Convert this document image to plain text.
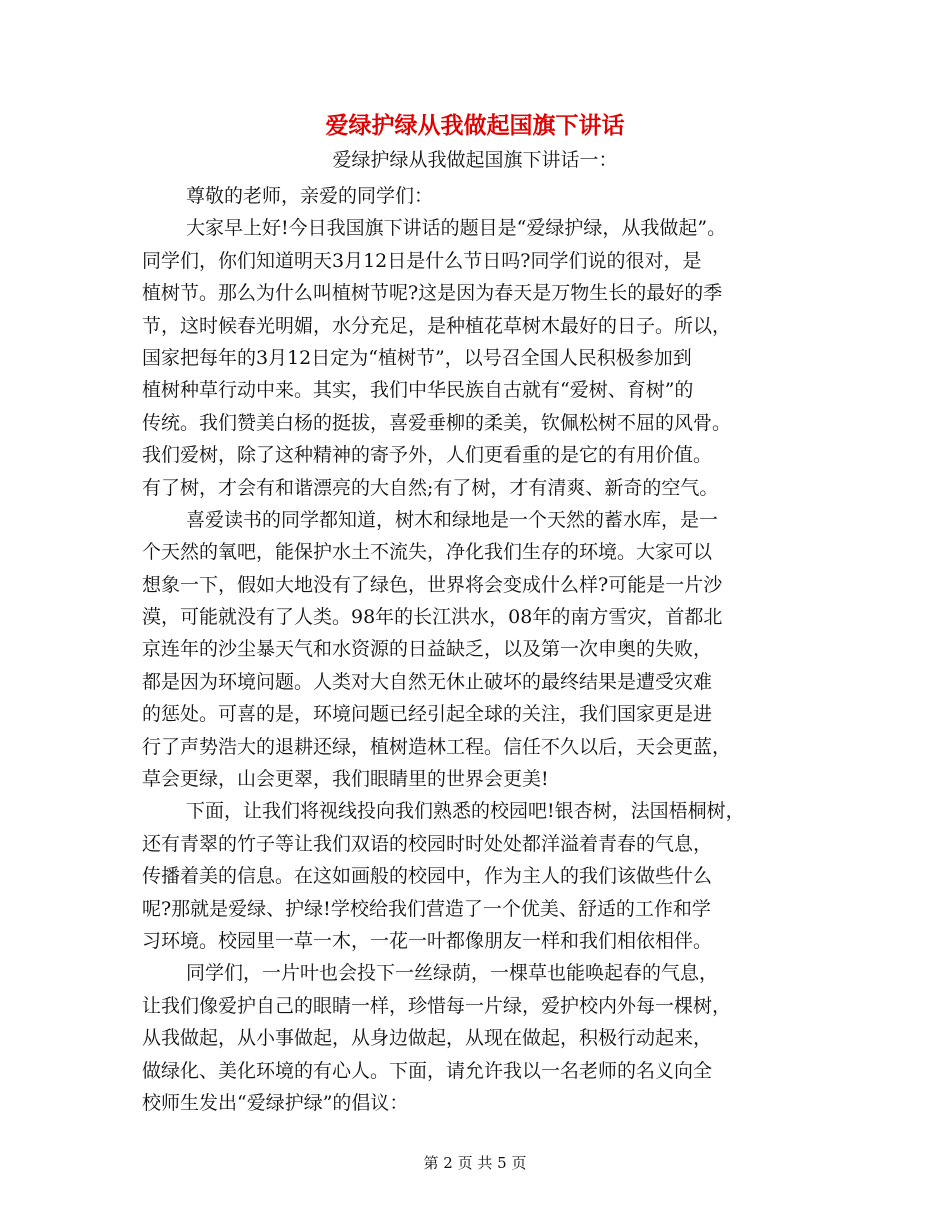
爱绿护绿从我做起国旗下讲话
爱绿护绿从我做起国旗下讲话一：
尊敬的老师，亲爱的同学们：
大家早上好!今日我国旗下讲话的题目是“爱绿护绿，从我做起”。
同学们，你们知道明天3月12日是什么节日吗?同学们说的很对，是
植树节。那么为什么叫植树节呢?这是因为春天是万物生长的最好的季
节，这时候春光明媚，水分充足，是种植花草树木最好的日子。所以，
国家把每年的3月12日定为“植树节”，以号召全国人民积极参加到
植树种草行动中来。其实，我们中华民族自古就有“爱树、育树”的
传统。我们赞美白杨的挺拔，喜爱垂柳的柔美，钦佩松树不屈的风骨。
我们爱树，除了这种精神的寄予外，人们更看重的是它的有用价值。
有了树，才会有和谐漂亮的大自然;有了树，才有清爽、新奇的空气。
喜爱读书的同学都知道，树木和绿地是一个天然的蓄水库，是一
个天然的氧吧，能保护水土不流失，净化我们生存的环境。大家可以
想象一下，假如大地没有了绿色，世界将会变成什么样?可能是一片沙
漠，可能就没有了人类。98年的长江洪水，08年的南方雪灾，首都北
京连年的沙尘暴天气和水资源的日益缺乏，以及第一次申奥的失败，
都是因为环境问题。人类对大自然无休止破坏的最终结果是遭受灾难
的惩处。可喜的是，环境问题已经引起全球的关注，我们国家更是进
行了声势浩大的退耕还绿，植树造林工程。信任不久以后，天会更蓝，
草会更绿，山会更翠，我们眼睛里的世界会更美!
下面，让我们将视线投向我们熟悉的校园吧!银杏树，法国梧桐树，
还有青翠的竹子等让我们双语的校园时时处处都洋溢着青春的气息，
传播着美的信息。在这如画般的校园中，作为主人的我们该做些什么
呢?那就是爱绿、护绿!学校给我们营造了一个优美、舒适的工作和学
习环境。校园里一草一木，一花一叶都像朋友一样和我们相依相伴。
同学们，一片叶也会投下一丝绿荫，一棵草也能唤起春的气息，
让我们像爱护自己的眼睛一样，珍惜每一片绿，爱护校内外每一棵树，
从我做起，从小事做起，从身边做起，从现在做起，积极行动起来，
做绿化、美化环境的有心人。下面，请允许我以一名老师的名义向全
校师生发出“爱绿护绿”的倡议：
第 2 页 共 5 页
